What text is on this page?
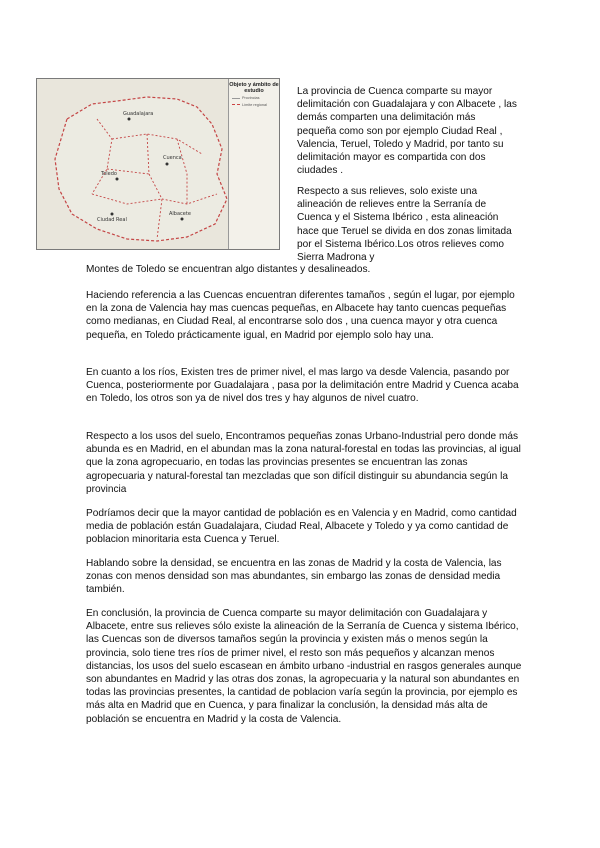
Guadalajara
Toledo
Cuenca
Ciudad Real
Albacete
Objeto y ámbito de estudio
Provincias
Límite regional

La provincia de Cuenca comparte su mayor delimitación con Guadalajara y con Albacete , las demás comparten una delimitación más pequeña como son por ejemplo Ciudad Real , Valencia, Teruel, Toledo y Madrid, por tanto su delimitación mayor es compartida con dos ciudades .

Respecto a sus relieves, solo existe una alineación de relieves entre la Serranía de Cuenca y el Sistema Ibérico , esta alineación hace que Teruel se divida en dos zonas limitada por el Sistema Ibérico.Los otros relieves como Sierra Madrona y

Montes de Toledo se encuentran algo distantes y desalineados.

Haciendo referencia a las Cuencas encuentran diferentes tamaños , según el lugar, por ejemplo en la zona de Valencia hay mas cuencas pequeñas, en Albacete hay tanto cuencas pequeñas como medianas, en Ciudad Real, al encontrarse solo dos , una cuenca mayor y otra cuenca pequeña, en Toledo prácticamente igual, en Madrid por ejemplo solo hay una.

En cuanto a los ríos, Existen tres de primer nivel, el mas largo va desde Valencia, pasando por Cuenca, posteriormente por Guadalajara , pasa por la delimitación entre Madrid y Cuenca acaba en Toledo, los otros son ya de nivel dos tres y hay algunos de nivel cuatro.

Respecto a los usos del suelo, Encontramos pequeñas zonas Urbano-Industrial pero donde más abunda es en Madrid, en el abundan mas la zona natural-forestal en todas las provincias, al igual que la zona agropecuario, en todas las provincias presentes se encuentran las zonas agropecuaria y natural-forestal tan mezcladas que son difícil distinguir su abundancia según la provincia

Podríamos decir que la mayor cantidad de población es en Valencia y en Madrid, como cantidad media de población están Guadalajara, Ciudad Real, Albacete y Toledo y ya como cantidad de poblacion minoritaria esta Cuenca y Teruel.

Hablando sobre la densidad, se encuentra en las zonas de Madrid y la costa de Valencia, las zonas con menos densidad son mas abundantes, sin embargo las zonas de densidad media también.

En conclusión, la provincia de Cuenca comparte su mayor delimitación con Guadalajara y Albacete, entre sus relieves sólo existe la alineación de la Serranía de Cuenca y sistema Ibérico, las Cuencas son de diversos tamaños según la provincia y existen más o menos según la provincia, solo tiene tres ríos de primer nivel, el resto son más pequeños y alcanzan menos distancias, los usos del suelo escasean en ámbito urbano -industrial en rasgos generales aunque son abundantes en Madrid y las otras dos zonas, la agropecuaria y la natural son abundantes en todas las provincias presentes, la cantidad de poblacion varía según la provincia, por ejemplo es más alta en Madrid que en Cuenca, y para finalizar la conclusión, la densidad más alta de población se encuentra en Madrid y la costa de Valencia.
